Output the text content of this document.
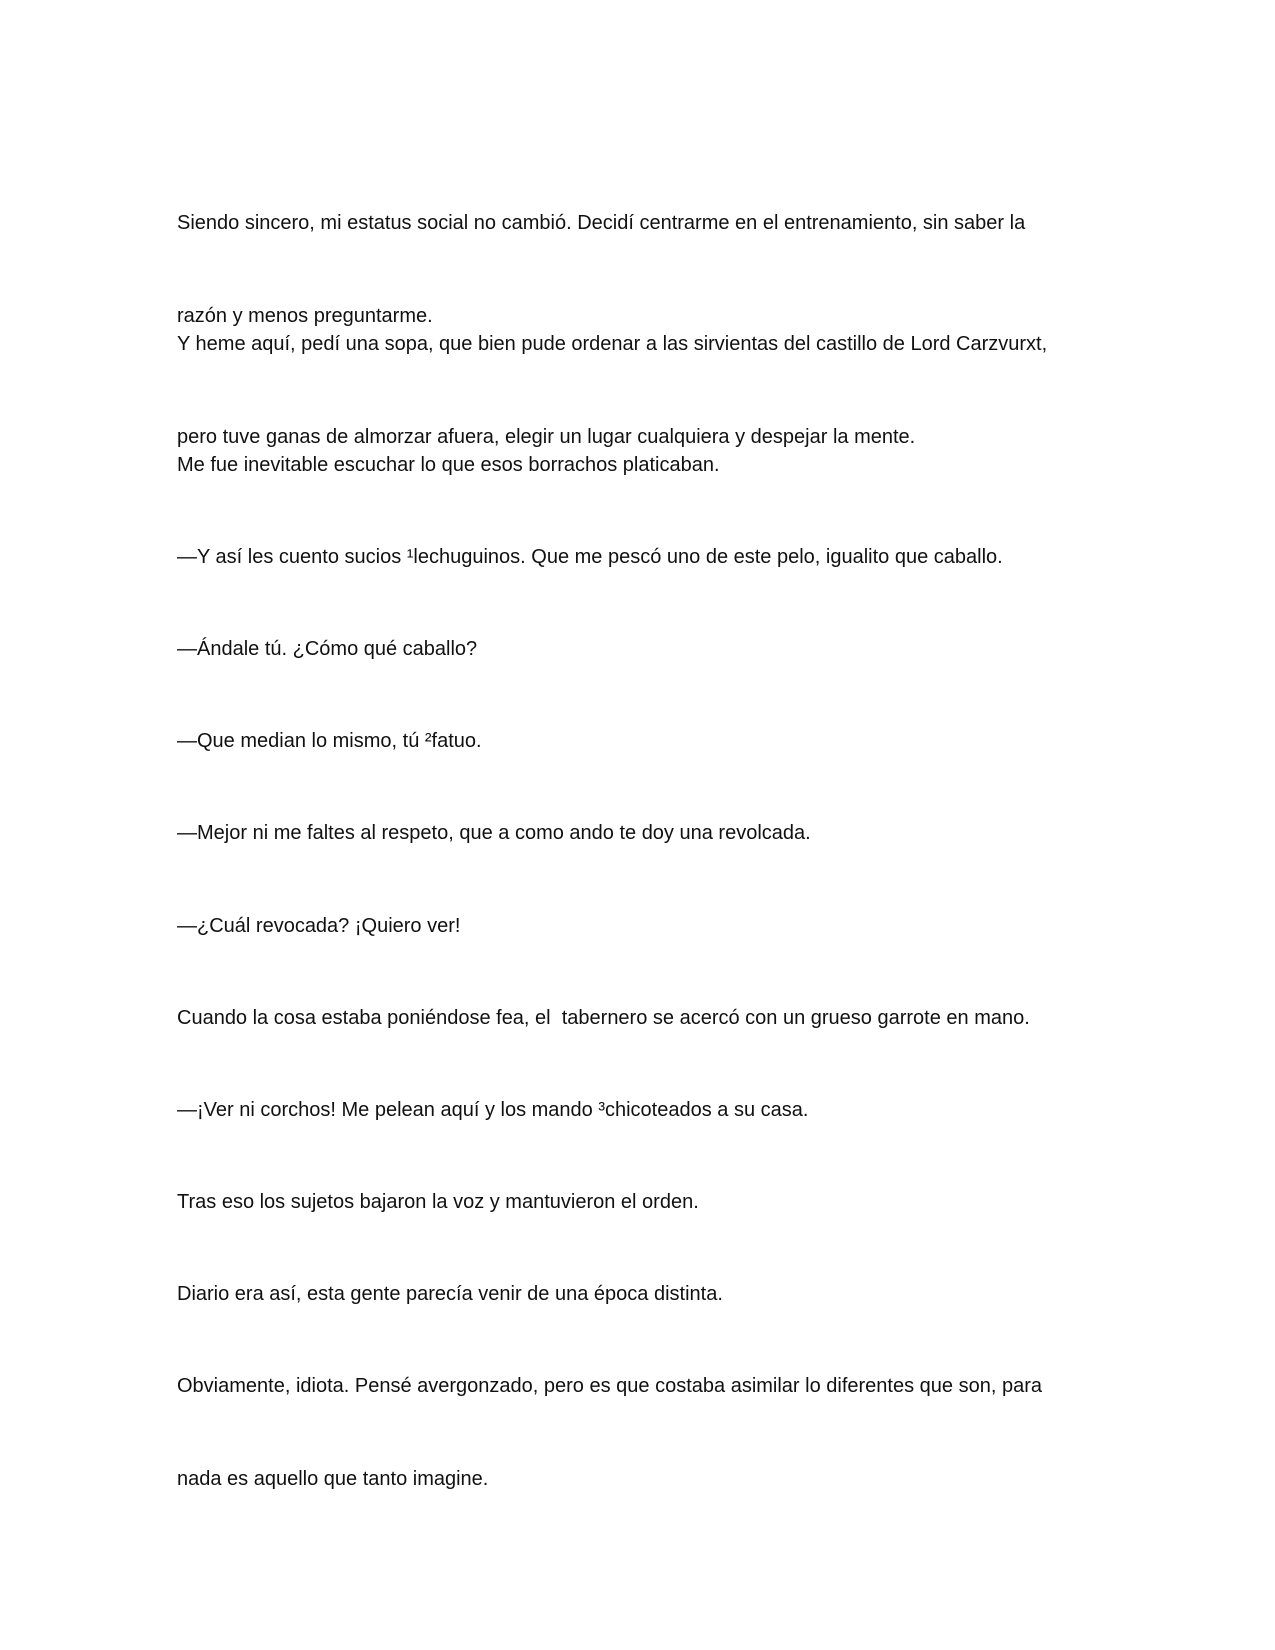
Siendo sincero, mi estatus social no cambió. Decidí centrarme en el entrenamiento, sin saber la

razón y menos preguntarme.

Y heme aquí, pedí una sopa, que bien pude ordenar a las sirvientas del castillo de Lord Carzvurxt,

pero tuve ganas de almorzar afuera, elegir un lugar cualquiera y despejar la mente.

Me fue inevitable escuchar lo que esos borrachos platicaban.

—Y así les cuento sucios ¹lechuguinos. Que me pescó uno de este pelo, igualito que caballo.

—Ándale tú. ¿Cómo qué caballo?

—Que median lo mismo, tú ²fatuo.

—Mejor ni me faltes al respeto, que a como ando te doy una revolcada.

—¿Cuál revocada? ¡Quiero ver!

Cuando la cosa estaba poniéndose fea, el  tabernero se acercó con un grueso garrote en mano.

—¡Ver ni corchos! Me pelean aquí y los mando ³chicoteados a su casa.

Tras eso los sujetos bajaron la voz y mantuvieron el orden.

Diario era así, esta gente parecía venir de una época distinta.

Obviamente, idiota. Pensé avergonzado, pero es que costaba asimilar lo diferentes que son, para

nada es aquello que tanto imagine.
